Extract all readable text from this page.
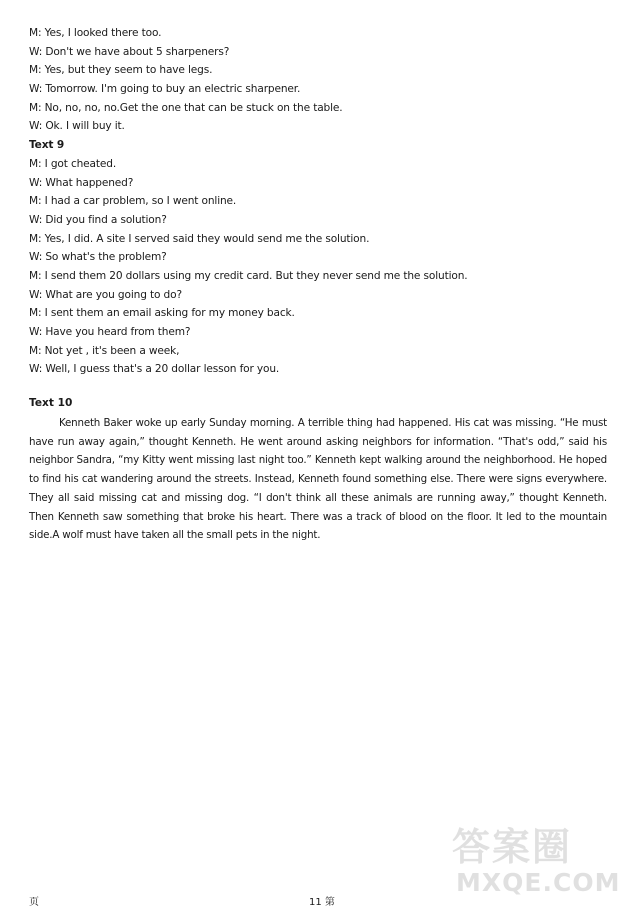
M: Yes, I looked there too.
W: Don't we have about 5 sharpeners?
M: Yes, but they seem to have legs.
W: Tomorrow. I'm going to buy an electric sharpener.
M: No, no, no, no.Get the one that can be stuck on the table.
W: Ok. I will buy it.
Text 9
M: I got cheated.
W: What happened?
M: I had a car problem, so I went online.
W: Did you find a solution?
M: Yes, I did. A site I served said they would send me the solution.
W: So what's the problem?
M: I send them 20 dollars using my credit card. But they never send me the solution.
W: What are you going to do?
M: I sent them an email asking for my money back.
W: Have you heard from them?
M: Not yet , it's been a week,
W: Well, I guess that's a 20 dollar lesson for you.
Text 10
Kenneth Baker woke up early Sunday morning. A terrible thing had happened. His cat was missing. “He must have run away again,” thought Kenneth. He went around asking neighbors for information. “That's odd,” said his neighbor Sandra, “my Kitty went missing last night too.” Kenneth kept walking around the neighborhood. He hoped to find his cat wandering around the streets. Instead, Kenneth found something else. There were signs everywhere. They all said missing cat and missing dog. “I don't think all these animals are running away,” thought Kenneth. Then Kenneth saw something that broke his heart. There was a track of blood on the floor. It led to the mountain side.A wolf must have taken all the small pets in the night.
页	11 第
答案圈
MXQE.COM
